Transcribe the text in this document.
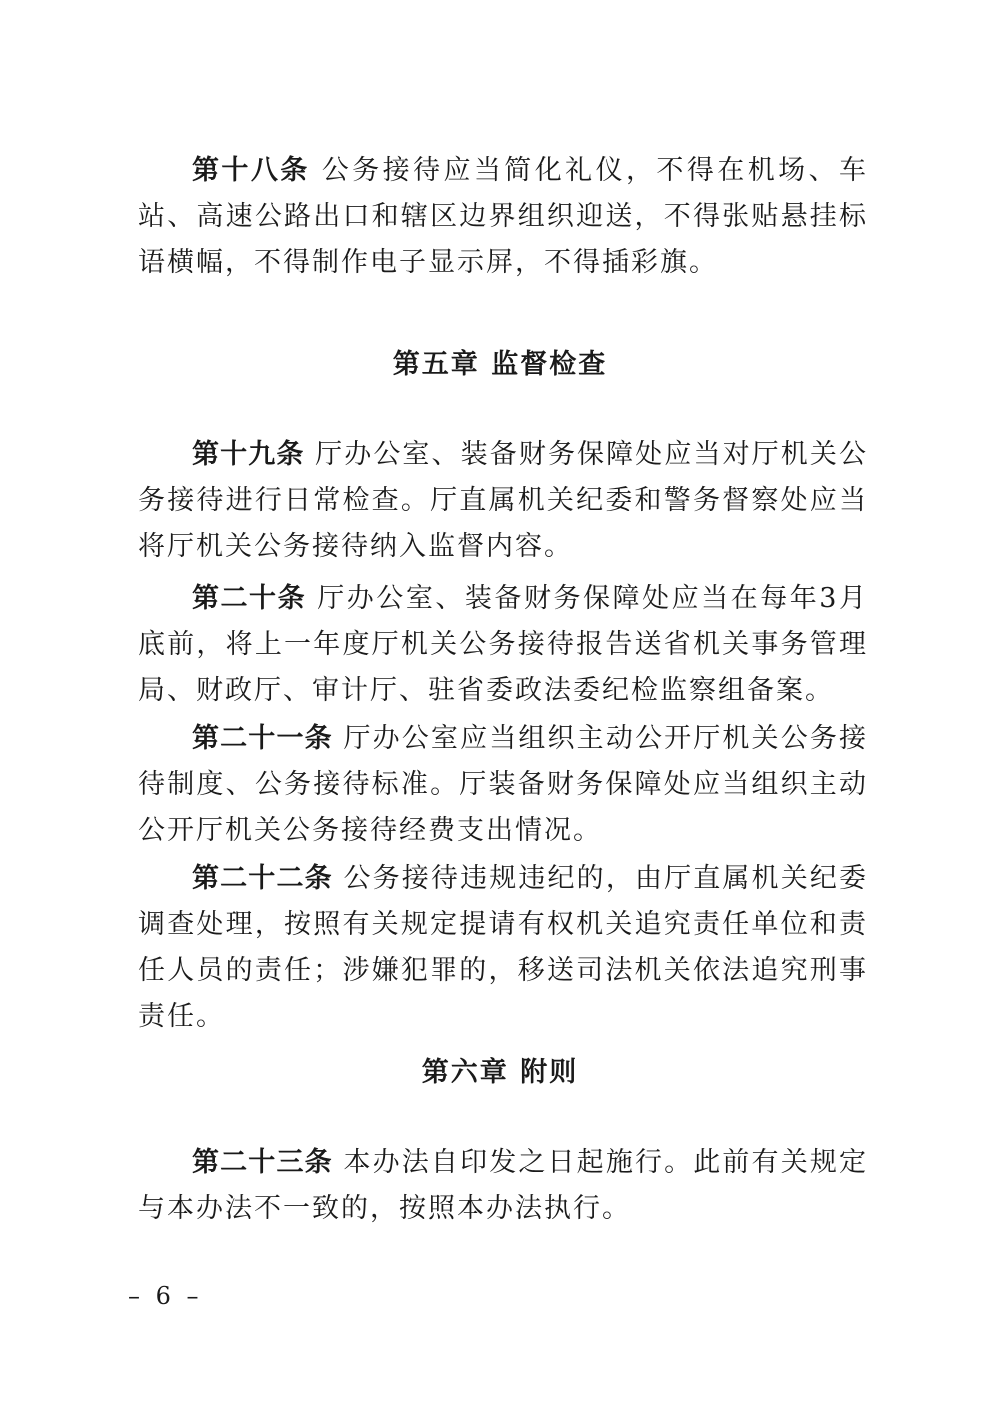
第十八条 公务接待应当简化礼仪，不得在机场、车站、高速公路出口和辖区边界组织迎送，不得张贴悬挂标语横幅，不得制作电子显示屏，不得插彩旗。

第五章 监督检查

第十九条 厅办公室、装备财务保障处应当对厅机关公务接待进行日常检查。厅直属机关纪委和警务督察处应当将厅机关公务接待纳入监督内容。

第二十条 厅办公室、装备财务保障处应当在每年3月底前，将上一年度厅机关公务接待报告送省机关事务管理局、财政厅、审计厅、驻省委政法委纪检监察组备案。

第二十一条 厅办公室应当组织主动公开厅机关公务接待制度、公务接待标准。厅装备财务保障处应当组织主动公开厅机关公务接待经费支出情况。

第二十二条 公务接待违规违纪的，由厅直属机关纪委调查处理，按照有关规定提请有权机关追究责任单位和责任人员的责任；涉嫌犯罪的，移送司法机关依法追究刑事责任。

第六章 附则

第二十三条 本办法自印发之日起施行。此前有关规定与本办法不一致的，按照本办法执行。

– 6 –
